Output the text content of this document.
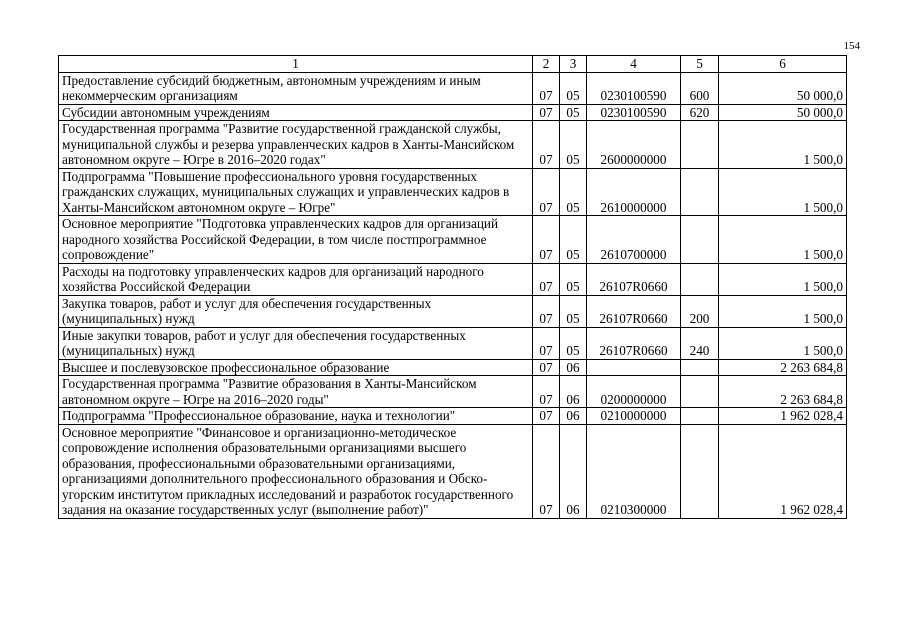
154
1	2	3	4	5	6
Предоставление субсидий бюджетным, автономным учреждениям и иным некоммерческим организациям	07	05	0230100590	600	50 000,0
Субсидии автономным учреждениям	07	05	0230100590	620	50 000,0
Государственная программа "Развитие государственной гражданской службы, муниципальной службы и резерва управленческих кадров в Ханты-Мансийском автономном округе – Югре в 2016–2020 годах"	07	05	2600000000		1 500,0
Подпрограмма "Повышение профессионального уровня государственных гражданских служащих, муниципальных служащих и управленческих кадров в Ханты-Мансийском автономном округе – Югре"	07	05	2610000000		1 500,0
Основное мероприятие "Подготовка управленческих кадров для организаций народного хозяйства Российской Федерации, в том числе постпрограммное сопровождение"	07	05	2610700000		1 500,0
Расходы на подготовку управленческих кадров для организаций народного хозяйства Российской Федерации	07	05	26107R0660		1 500,0
Закупка товаров, работ и услуг для обеспечения государственных (муниципальных) нужд	07	05	26107R0660	200	1 500,0
Иные закупки товаров, работ и услуг для обеспечения государственных (муниципальных) нужд	07	05	26107R0660	240	1 500,0
Высшее и послевузовское профессиональное образование	07	06			2 263 684,8
Государственная программа "Развитие образования в Ханты-Мансийском автономном округе – Югре на 2016–2020 годы"	07	06	0200000000		2 263 684,8
Подпрограмма "Профессиональное образование, наука и технологии"	07	06	0210000000		1 962 028,4
Основное мероприятие "Финансовое и организационно-методическое сопровождение исполнения образовательными организациями высшего образования, профессиональными образовательными организациями, организациями дополнительного профессионального образования и Обско-угорским институтом прикладных исследований и разработок государственного задания на оказание государственных услуг (выполнение работ)"	07	06	0210300000		1 962 028,4
